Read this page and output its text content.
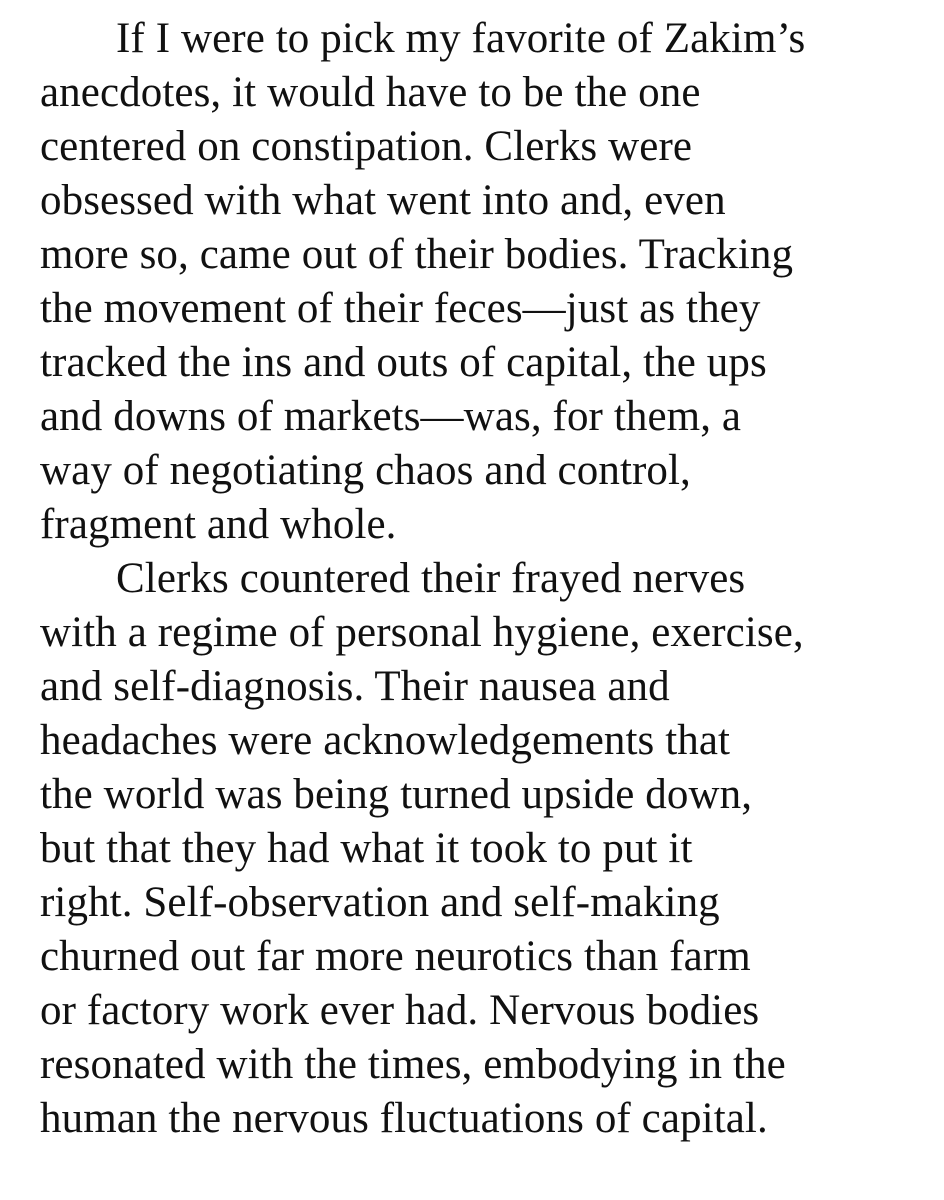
If I were to pick my favorite of Zakim’s
anecdotes, it would have to be the one
centered on constipation. Clerks were
obsessed with what went into and, even
more so, came out of their bodies. Tracking
the movement of their feces—just as they
tracked the ins and outs of capital, the ups
and downs of markets—was, for them, a
way of negotiating chaos and control,
fragment and whole.
Clerks countered their frayed nerves
with a regime of personal hygiene, exercise,
and self-diagnosis. Their nausea and
headaches were acknowledgements that
the world was being turned upside down,
but that they had what it took to put it
right. Self-observation and self-making
churned out far more neurotics than farm
or factory work ever had. Nervous bodies
resonated with the times, embodying in the
human the nervous fluctuations of capital.
